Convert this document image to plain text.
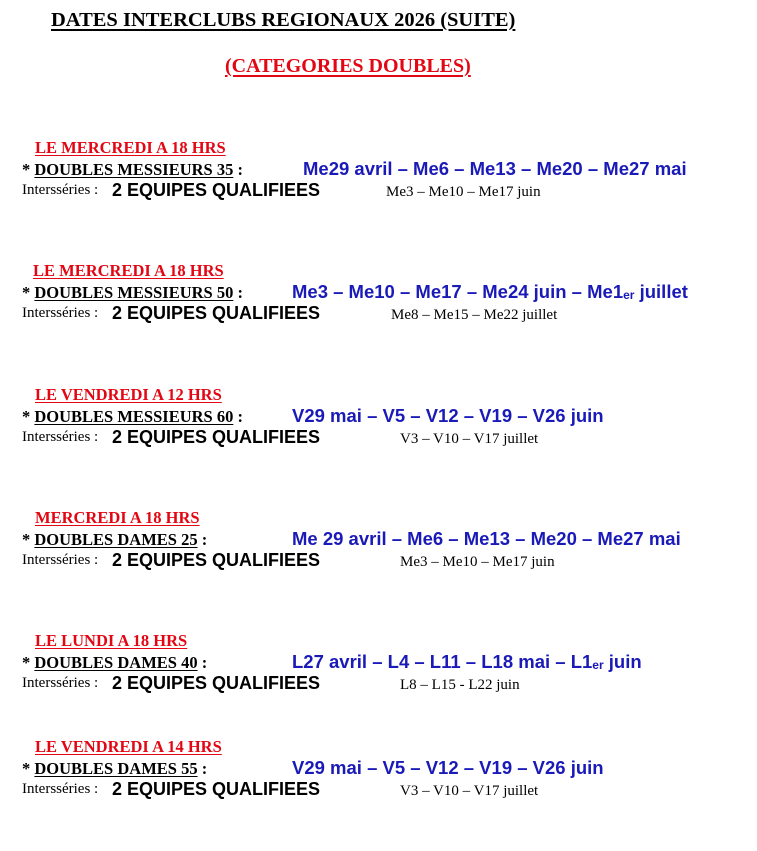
DATES INTERCLUBS REGIONAUX 2026 (SUITE)
(CATEGORIES DOUBLES)
LE MERCREDI A 18 HRS
* DOUBLES MESSIEURS 35 :	Me29 avril – Me6 – Me13 – Me20 – Me27 mai
Intersséries : 2 EQUIPES QUALIFIEES	Me3 – Me10 – Me17 juin
LE MERCREDI A 18 HRS
* DOUBLES MESSIEURS 50 :	Me3 – Me10 – Me17 – Me24 juin – Me1er juillet
Intersséries : 2 EQUIPES QUALIFIEES	Me8 – Me15 – Me22 juillet
LE VENDREDI A 12 HRS
* DOUBLES MESSIEURS 60 :	V29 mai – V5 – V12 – V19 – V26 juin
Intersséries : 2 EQUIPES QUALIFIEES	V3 – V10 – V17 juillet
MERCREDI A 18 HRS
* DOUBLES DAMES 25 :	Me 29 avril – Me6 – Me13 – Me20 – Me27 mai
Intersséries : 2 EQUIPES QUALIFIEES	Me3 – Me10 – Me17 juin
LE LUNDI A 18 HRS
* DOUBLES DAMES 40 :	L27 avril – L4 – L11 – L18 mai – L1er juin
Intersséries : 2 EQUIPES QUALIFIEES	L8 – L15 - L22 juin
LE VENDREDI A 14 HRS
* DOUBLES DAMES 55 :	V29 mai – V5 – V12 – V19 – V26 juin
Intersséries : 2 EQUIPES QUALIFIEES	V3 – V10 – V17 juillet
